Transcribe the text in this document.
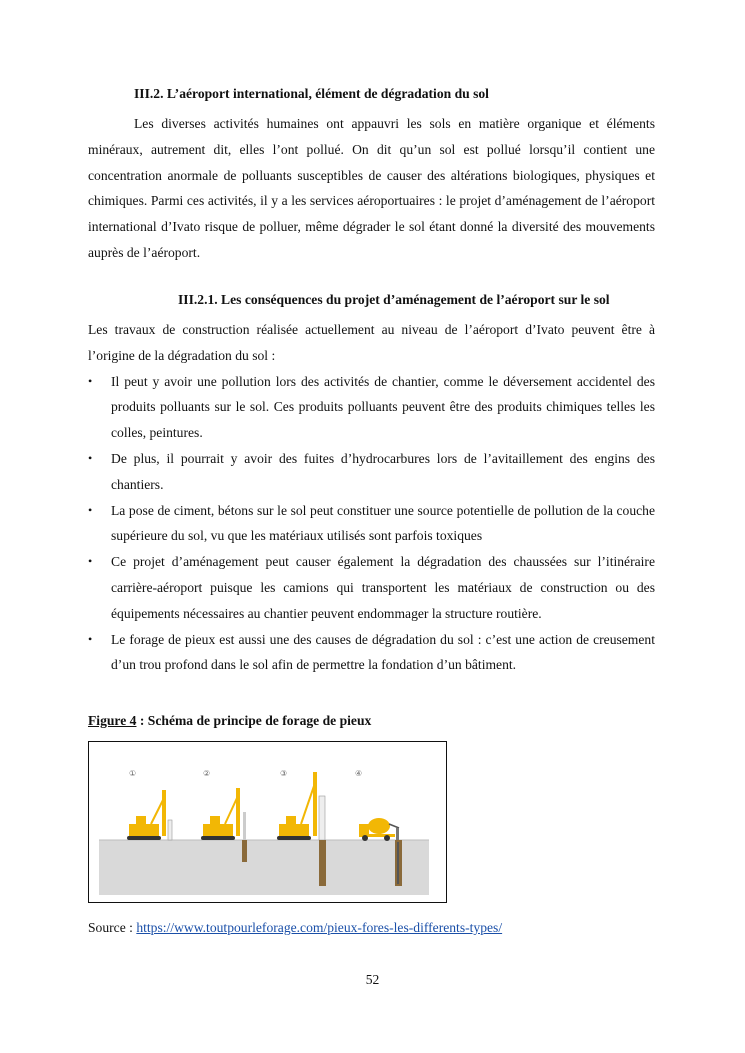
III.2. L’aéroport international, élément de dégradation du sol

Les diverses activités humaines ont appauvri les sols en matière organique et éléments minéraux, autrement dit, elles l’ont pollué. On dit qu’un sol est pollué lorsqu’il contient une concentration anormale de polluants susceptibles de causer des altérations biologiques, physiques et chimiques. Parmi ces activités, il y a les services aéroportuaires : le projet d’aménagement de l’aéroport international d’Ivato risque de polluer, même dégrader le sol étant donné la diversité des mouvements auprès de l’aéroport.

III.2.1. Les conséquences du projet d’aménagement de l’aéroport sur le sol

Les travaux de construction réalisée actuellement au niveau de l’aéroport d’Ivato peuvent être à l’origine de la dégradation du sol :

• Il peut y avoir une pollution lors des activités de chantier, comme le déversement accidentel des produits polluants sur le sol. Ces produits polluants peuvent être des produits chimiques telles les colles, peintures.
• De plus, il pourrait y avoir des fuites d’hydrocarbures lors de l’avitaillement des engins des chantiers.
• La pose de ciment, bétons sur le sol peut constituer une source potentielle de pollution de la couche supérieure du sol, vu que les matériaux utilisés sont parfois toxiques
• Ce projet d’aménagement peut causer également la dégradation des chaussées sur l’itinéraire carrière-aéroport puisque les camions qui transportent les matériaux de construction ou des équipements nécessaires au chantier peuvent endommager la structure routière.
• Le forage de pieux est aussi une des causes de dégradation du sol : c’est une action de creusement d’un trou profond dans le sol afin de permettre la fondation d’un bâtiment.
Figure 4 : Schéma de principe de forage de pieux
①	②	③	④
Source : https://www.toutpourleforage.com/pieux-fores-les-differents-types/
52
